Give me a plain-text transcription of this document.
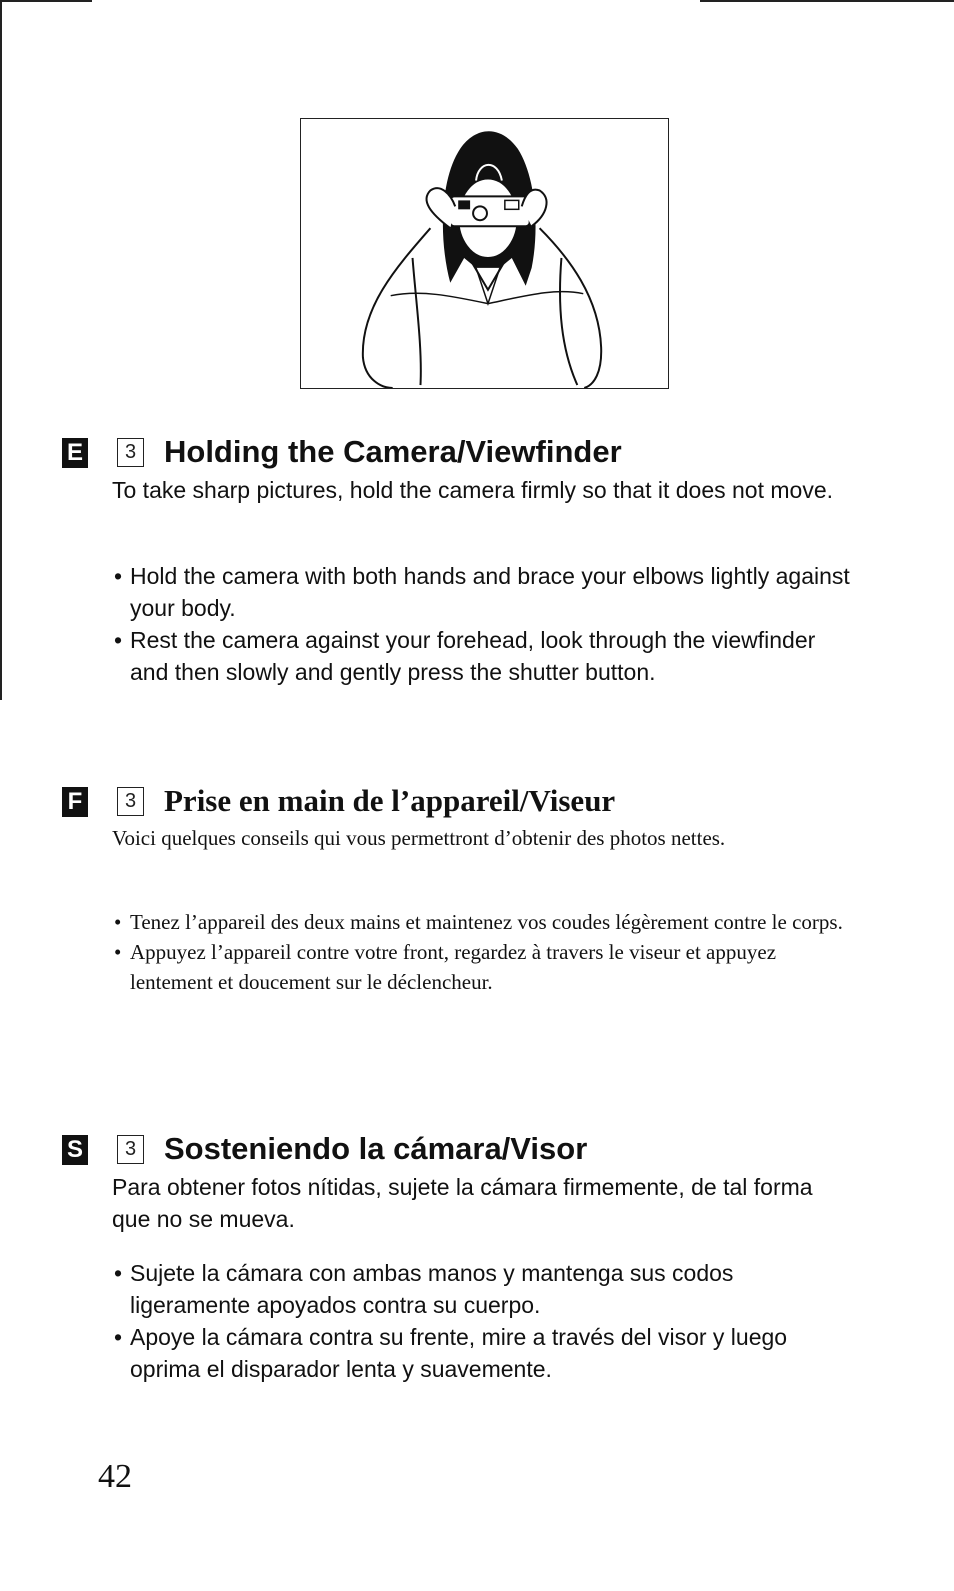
E	3 Holding the Camera/Viewfinder

To take sharp pictures, hold the camera firmly so that it does not move.

• Hold the camera with both hands and brace your elbows lightly against your body.
• Rest the camera against your forehead, look through the viewfinder and then slowly and gently press the shutter button.
F	3 Prise en main de l’appareil/Viseur

Voici quelques conseils qui vous permettront d’obtenir des photos nettes.

• Tenez l’appareil des deux mains et maintenez vos coudes légèrement contre le corps.
• Appuyez l’appareil contre votre front, regardez à travers le viseur et appuyez lentement et doucement sur le déclencheur.
S	3 Sosteniendo la cámara/Visor

Para obtener fotos nítidas, sujete la cámara firmemente, de tal forma que no se mueva.

• Sujete la cámara con ambas manos y mantenga sus codos ligeramente apoyados contra su cuerpo.
• Apoye la cámara contra su frente, mire a través del visor y luego oprima el disparador lenta y suavemente.
42
